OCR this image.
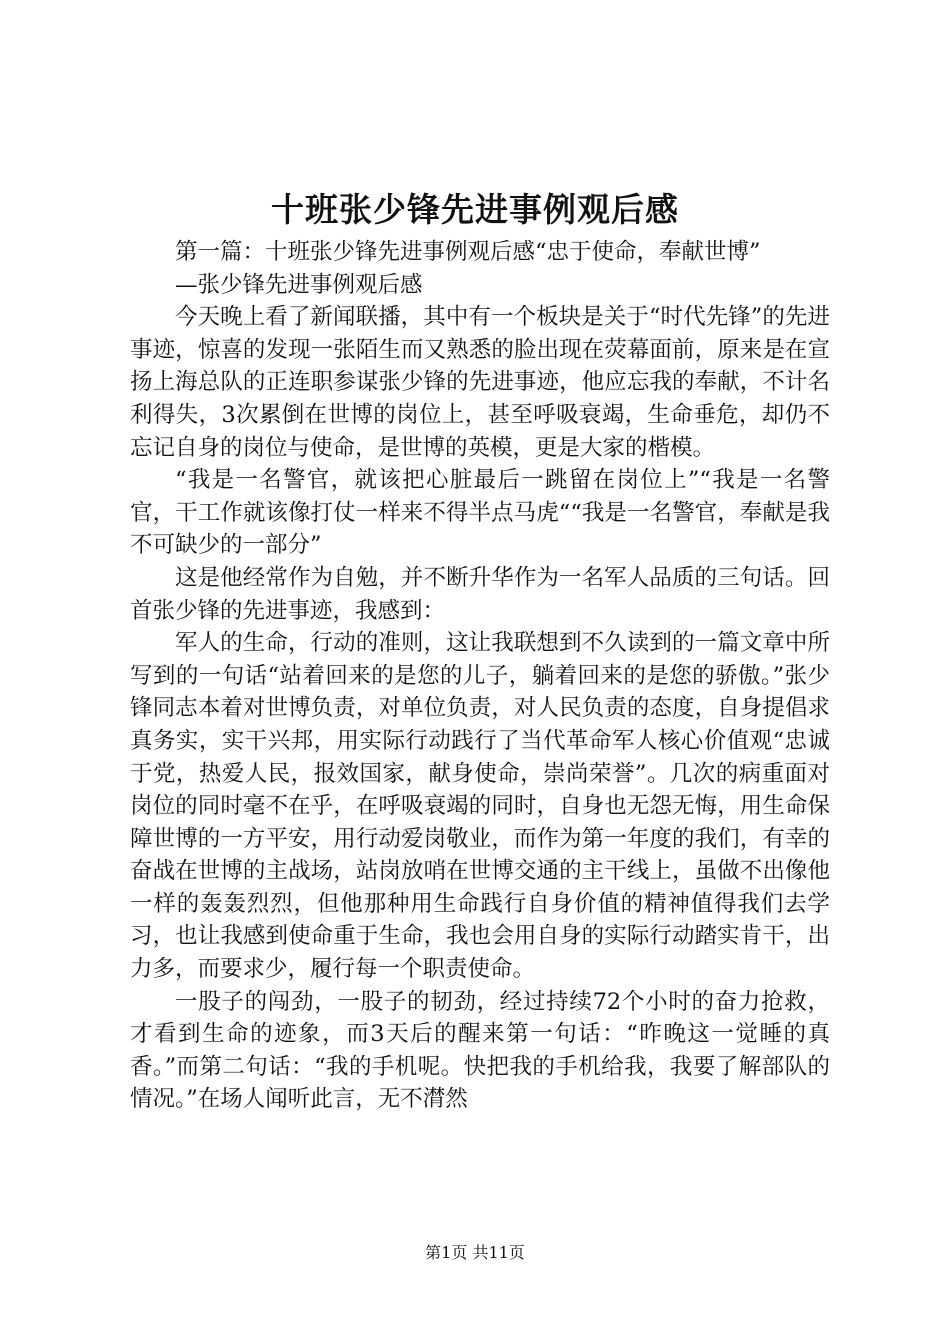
十班张少锋先进事例观后感

第一篇：十班张少锋先进事例观后感“忠于使命，奉献世博”

—张少锋先进事例观后感

今天晚上看了新闻联播，其中有一个板块是关于“时代先锋”的先进事迹，惊喜的发现一张陌生而又熟悉的脸出现在荧幕面前，原来是在宣扬上海总队的正连职参谋张少锋的先进事迹，他应忘我的奉献，不计名利得失，3次累倒在世博的岗位上，甚至呼吸衰竭，生命垂危，却仍不忘记自身的岗位与使命，是世博的英模，更是大家的楷模。

“我是一名警官，就该把心脏最后一跳留在岗位上”“我是一名警官，干工作就该像打仗一样来不得半点马虎““我是一名警官，奉献是我不可缺少的一部分”

这是他经常作为自勉，并不断升华作为一名军人品质的三句话。回首张少锋的先进事迹，我感到：

军人的生命，行动的准则，这让我联想到不久读到的一篇文章中所写到的一句话“站着回来的是您的儿子，躺着回来的是您的骄傲。”张少锋同志本着对世博负责，对单位负责，对人民负责的态度，自身提倡求真务实，实干兴邦，用实际行动践行了当代革命军人核心价值观“忠诚于党，热爱人民，报效国家，献身使命，崇尚荣誉”。几次的病重面对岗位的同时毫不在乎，在呼吸衰竭的同时，自身也无怨无悔，用生命保障世博的一方平安，用行动爱岗敬业，而作为第一年度的我们，有幸的奋战在世博的主战场，站岗放哨在世博交通的主干线上，虽做不出像他一样的轰轰烈烈，但他那种用生命践行自身价值的精神值得我们去学习，也让我感到使命重于生命，我也会用自身的实际行动踏实肯干，出力多，而要求少，履行每一个职责使命。

一股子的闯劲，一股子的韧劲，经过持续72个小时的奋力抢救，才看到生命的迹象，而3天后的醒来第一句话：“昨晚这一觉睡的真香。”而第二句话：“我的手机呢。快把我的手机给我，我要了解部队的情况。”在场人闻听此言，无不潸然

第1页 共11页
